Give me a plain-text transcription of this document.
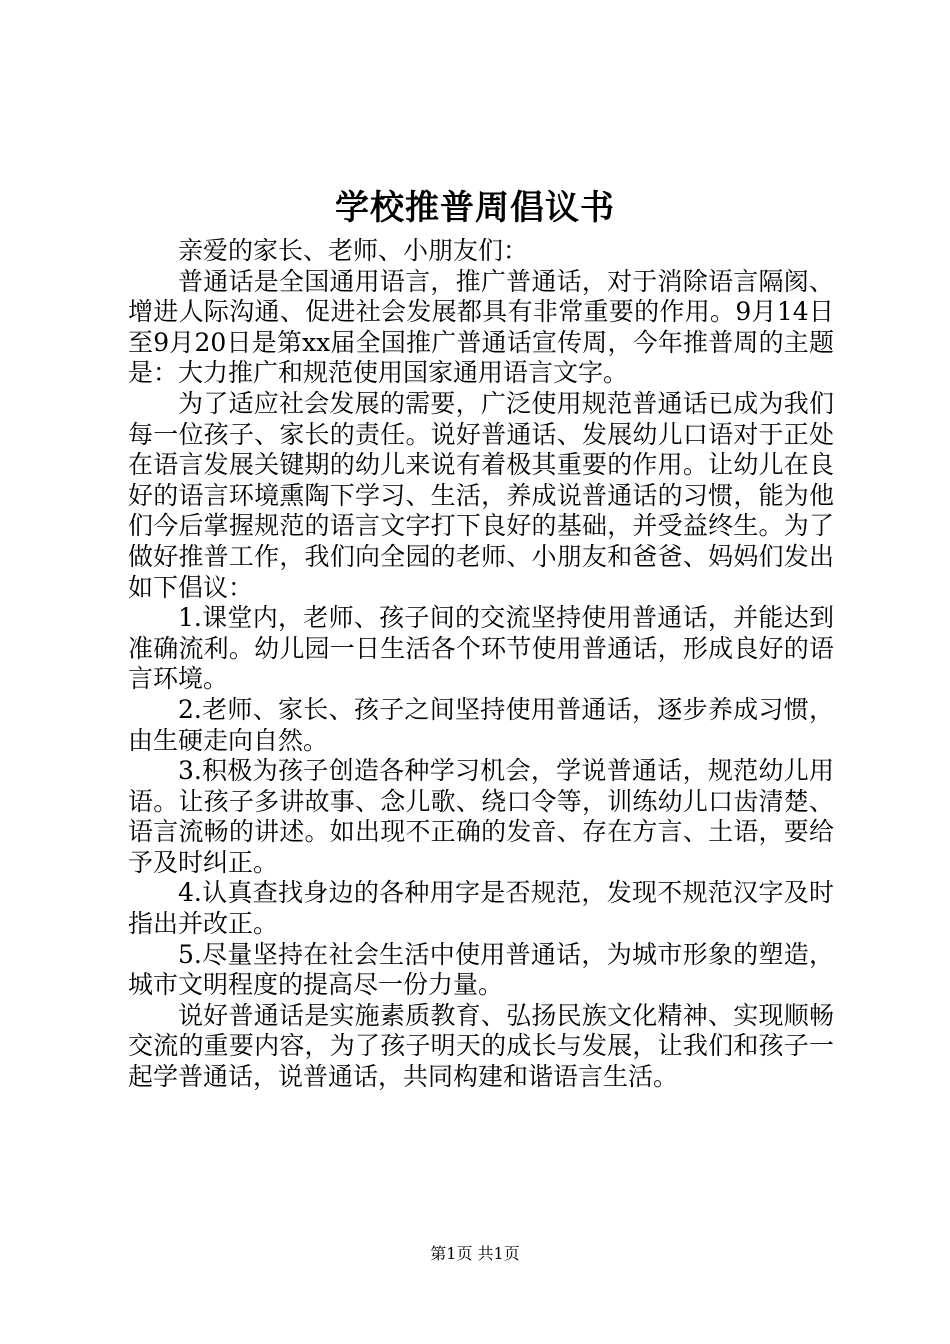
学校推普周倡议书

亲爱的家长、老师、小朋友们：

普通话是全国通用语言，推广普通话，对于消除语言隔阂、增进人际沟通、促进社会发展都具有非常重要的作用。9月14日至9月20日是第xx届全国推广普通话宣传周，今年推普周的主题是：大力推广和规范使用国家通用语言文字。

为了适应社会发展的需要，广泛使用规范普通话已成为我们每一位孩子、家长的责任。说好普通话、发展幼儿口语对于正处在语言发展关键期的幼儿来说有着极其重要的作用。让幼儿在良好的语言环境熏陶下学习、生活，养成说普通话的习惯，能为他们今后掌握规范的语言文字打下良好的基础，并受益终生。为了做好推普工作，我们向全园的老师、小朋友和爸爸、妈妈们发出如下倡议：

1.课堂内，老师、孩子间的交流坚持使用普通话，并能达到准确流利。幼儿园一日生活各个环节使用普通话，形成良好的语言环境。

2.老师、家长、孩子之间坚持使用普通话，逐步养成习惯，由生硬走向自然。

3.积极为孩子创造各种学习机会，学说普通话，规范幼儿用语。让孩子多讲故事、念儿歌、绕口令等，训练幼儿口齿清楚、语言流畅的讲述。如出现不正确的发音、存在方言、土语，要给予及时纠正。

4.认真查找身边的各种用字是否规范，发现不规范汉字及时指出并改正。

5.尽量坚持在社会生活中使用普通话，为城市形象的塑造，城市文明程度的提高尽一份力量。

说好普通话是实施素质教育、弘扬民族文化精神、实现顺畅交流的重要内容，为了孩子明天的成长与发展，让我们和孩子一起学普通话，说普通话，共同构建和谐语言生活。

第1页 共1页
